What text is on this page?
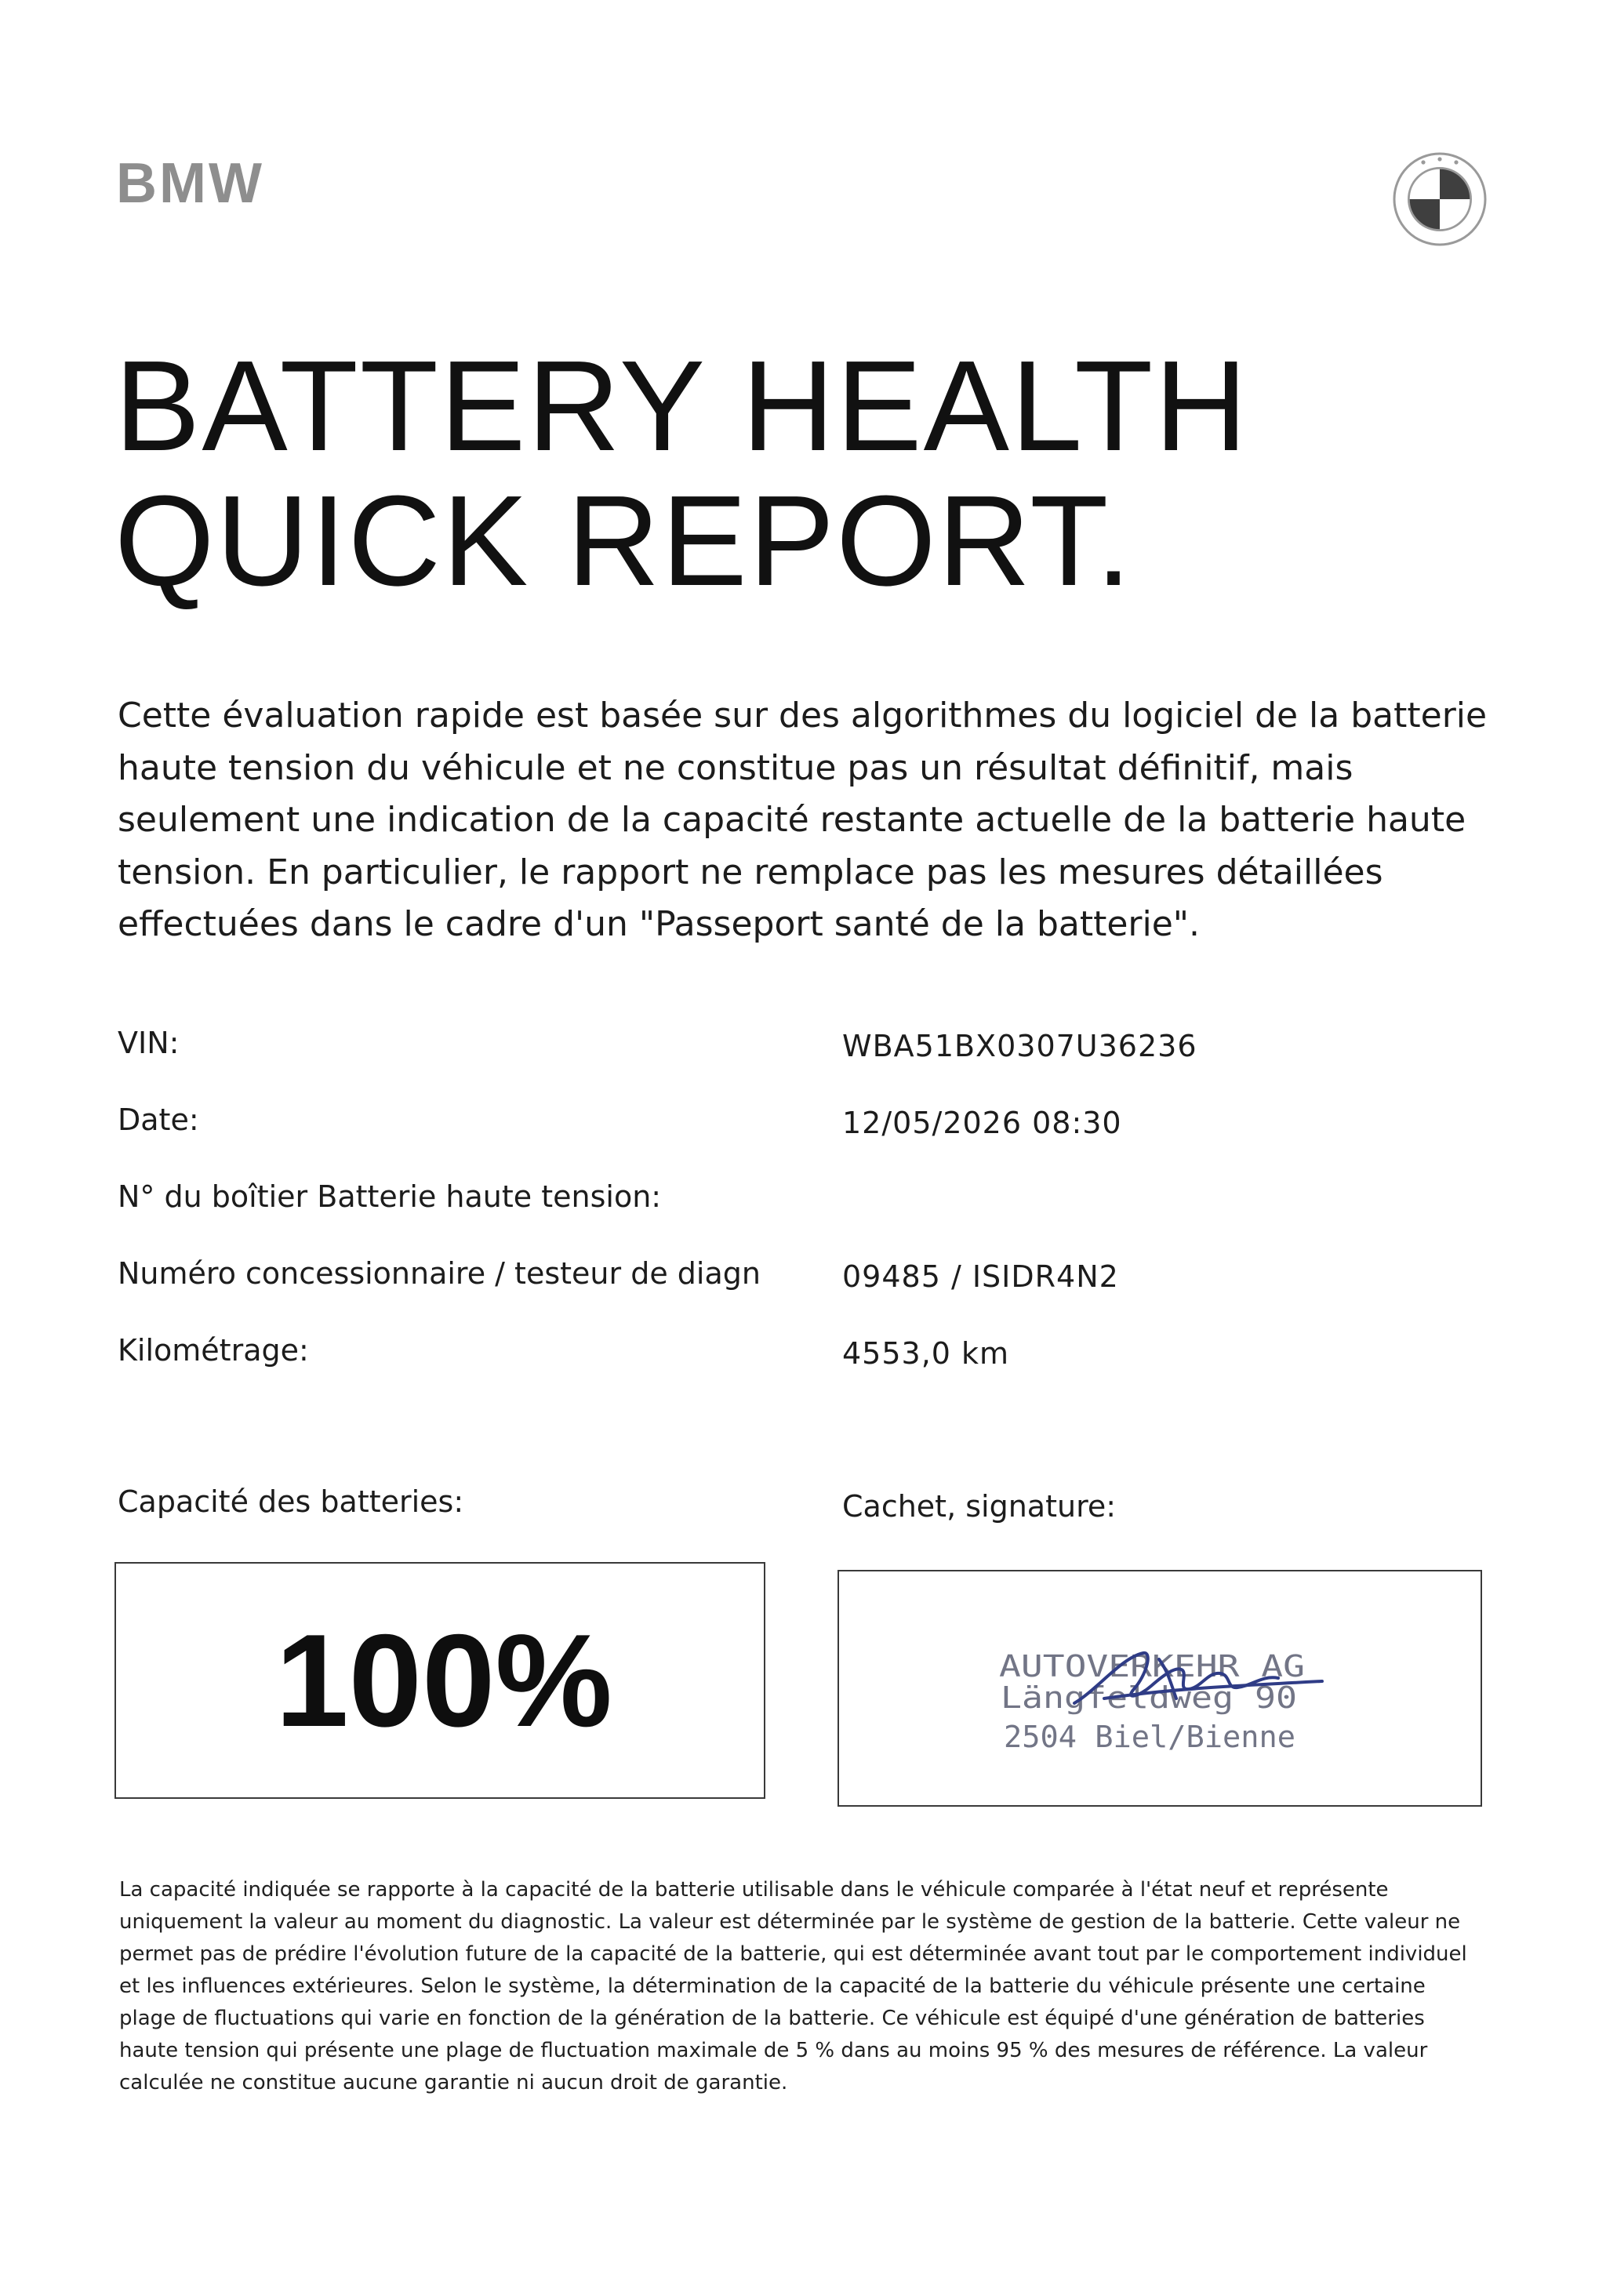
BMW
BATTERY HEALTH
QUICK REPORT.

Cette évaluation rapide est basée sur des algorithmes du logiciel de la batterie haute tension du véhicule et ne constitue pas un résultat définitif, mais seulement une indication de la capacité restante actuelle de la batterie haute tension. En particulier, le rapport ne remplace pas les mesures détaillées effectuées dans le cadre d'un "Passeport santé de la batterie".

VIN:	WBA51BX0307U36236
Date:	12/05/2026 08:30
N° du boîtier Batterie haute tension:
Numéro concessionnaire / testeur de diagn	09485 / ISIDR4N2
Kilométrage:	4553,0 km
Capacité des batteries:	Cachet, signature:
100%	AUTOVERKEHR AG
Längfeldweg 90
2504 Biel/Bienne

La capacité indiquée se rapporte à la capacité de la batterie utilisable dans le véhicule comparée à l'état neuf et représente uniquement la valeur au moment du diagnostic. La valeur est déterminée par le système de gestion de la batterie. Cette valeur ne permet pas de prédire l'évolution future de la capacité de la batterie, qui est déterminée avant tout par le comportement individuel et les influences extérieures. Selon le système, la détermination de la capacité de la batterie du véhicule présente une certaine plage de fluctuations qui varie en fonction de la génération de la batterie. Ce véhicule est équipé d'une génération de batteries haute tension qui présente une plage de fluctuation maximale de 5 % dans au moins 95 % des mesures de référence. La valeur calculée ne constitue aucune garantie ni aucun droit de garantie.
